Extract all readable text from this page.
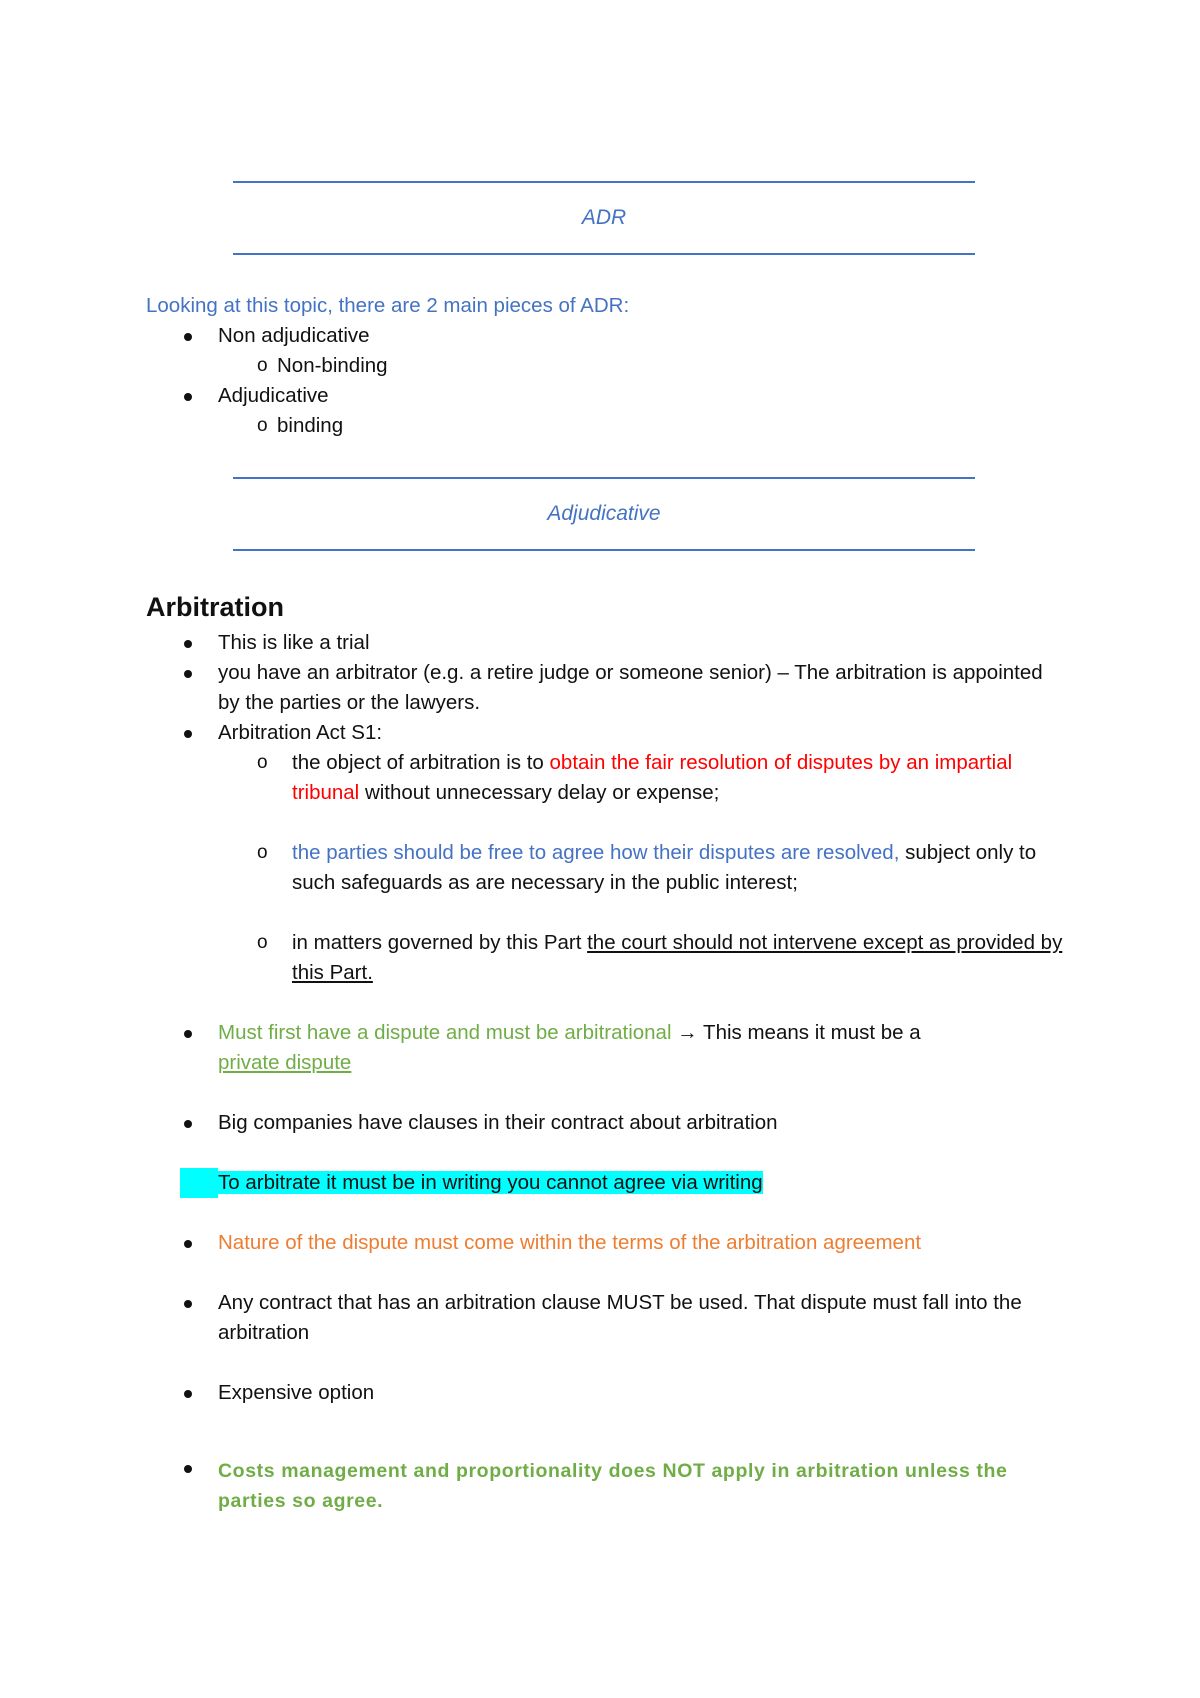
ADR
Looking at this topic, there are 2 main pieces of ADR:
Non adjudicative
o Non-binding
Adjudicative
o binding
Adjudicative
Arbitration
This is like a trial
you have an arbitrator (e.g. a retire judge or someone senior) – The arbitration is appointed by the parties or the lawyers.
Arbitration Act S1:
o the object of arbitration is to obtain the fair resolution of disputes by an impartial tribunal without unnecessary delay or expense;
o the parties should be free to agree how their disputes are resolved, subject only to such safeguards as are necessary in the public interest;
o in matters governed by this Part the court should not intervene except as provided by this Part.
Must first have a dispute and must be arbitrational → This means it must be a private dispute
Big companies have clauses in their contract about arbitration
To arbitrate it must be in writing you cannot agree via writing
Nature of the dispute must come within the terms of the arbitration agreement
Any contract that has an arbitration clause MUST be used. That dispute must fall into the arbitration
Expensive option
Costs management and proportionality does NOT apply in arbitration unless the parties so agree.
